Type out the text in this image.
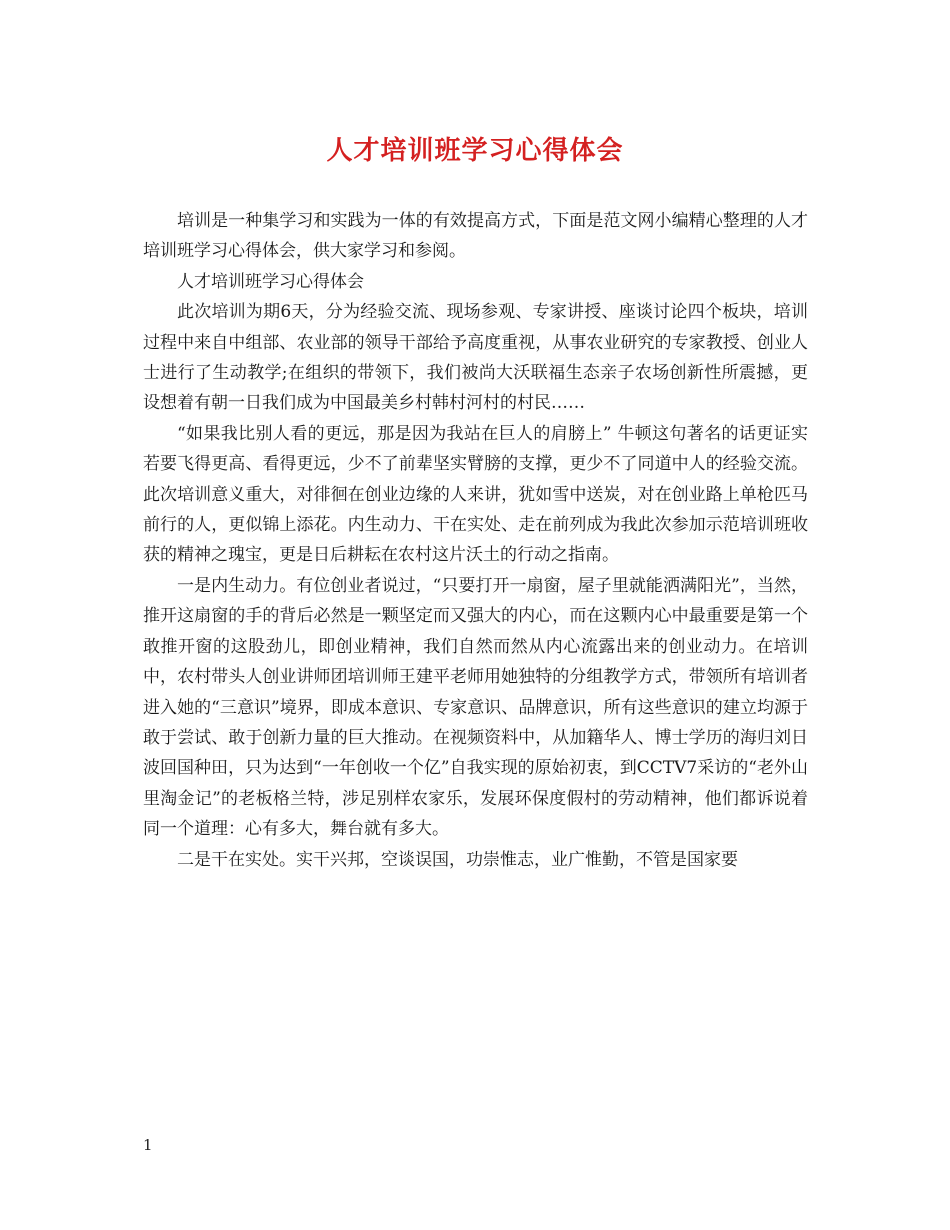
人才培训班学习心得体会

培训是一种集学习和实践为一体的有效提高方式，下面是范文网小编精心整理的人才培训班学习心得体会，供大家学习和参阅。

人才培训班学习心得体会

此次培训为期6天，分为经验交流、现场参观、专家讲授、座谈讨论四个板块，培训过程中来自中组部、农业部的领导干部给予高度重视，从事农业研究的专家教授、创业人士进行了生动教学;在组织的带领下，我们被尚大沃联福生态亲子农场创新性所震撼，更设想着有朝一日我们成为中国最美乡村韩村河村的村民……

“如果我比别人看的更远，那是因为我站在巨人的肩膀上” 牛顿这句著名的话更证实若要飞得更高、看得更远，少不了前辈坚实臂膀的支撑，更少不了同道中人的经验交流。此次培训意义重大，对徘徊在创业边缘的人来讲，犹如雪中送炭，对在创业路上单枪匹马前行的人，更似锦上添花。内生动力、干在实处、走在前列成为我此次参加示范培训班收获的精神之瑰宝，更是日后耕耘在农村这片沃土的行动之指南。

一是内生动力。有位创业者说过，“只要打开一扇窗，屋子里就能洒满阳光”，当然，推开这扇窗的手的背后必然是一颗坚定而又强大的内心，而在这颗内心中最重要是第一个敢推开窗的这股劲儿，即创业精神，我们自然而然从内心流露出来的创业动力。在培训中，农村带头人创业讲师团培训师王建平老师用她独特的分组教学方式，带领所有培训者进入她的“三意识”境界，即成本意识、专家意识、品牌意识，所有这些意识的建立均源于敢于尝试、敢于创新力量的巨大推动。在视频资料中，从加籍华人、博士学历的海归刘日波回国种田，只为达到“一年创收一个亿”自我实现的原始初衷，到CCTV7采访的“老外山里淘金记”的老板格兰特，涉足别样农家乐，发展环保度假村的劳动精神，他们都诉说着同一个道理：心有多大，舞台就有多大。

二是干在实处。实干兴邦，空谈误国，功崇惟志，业广惟勤，不管是国家要

1
